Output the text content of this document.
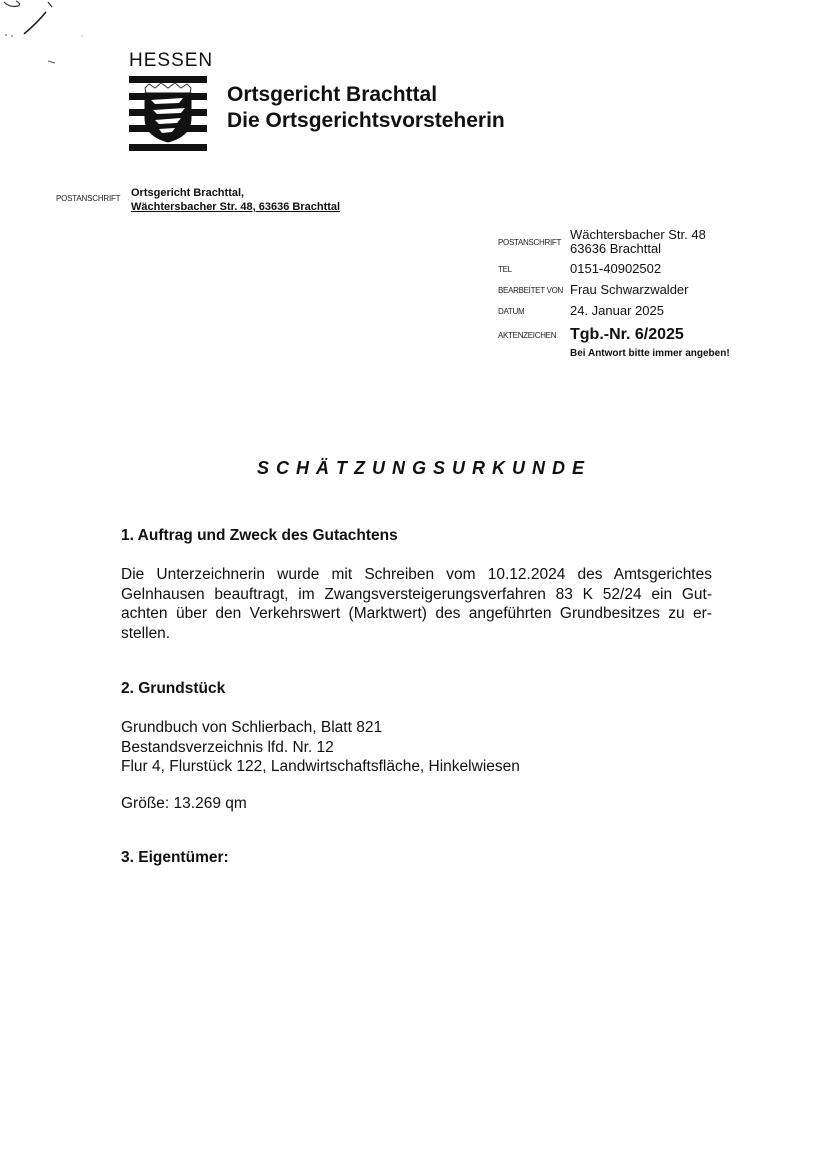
HESSEN
Ortsgericht Brachttal
Die Ortsgerichtsvorsteherin
POSTANSCHRIFT Ortsgericht Brachttal,
Wächtersbacher Str. 48, 63636 Brachttal
POSTANSCHRIFT Wächtersbacher Str. 48
63636 Brachttal
TEL	0151-40902502
BEARBEITET VON Frau Schwarzwalder
DATUM	24. Januar 2025
AKTENZEICHEN Tgb.-Nr. 6/2025
Bei Antwort bitte immer angeben!
SCHÄTZUNGSURKUNDE
1. Auftrag und Zweck des Gutachtens
Die Unterzeichnerin wurde mit Schreiben vom 10.12.2024 des Amtsgerichtes
Gelnhausen beauftragt, im Zwangsversteigerungsverfahren 83 K 52/24 ein Gut-
achten über den Verkehrswert (Marktwert) des angeführten Grundbesitzes zu er-
stellen.
2. Grundstück
Grundbuch von Schlierbach, Blatt 821
Bestandsverzeichnis lfd. Nr. 12
Flur 4, Flurstück 122, Landwirtschaftsfläche, Hinkelwiesen
Größe: 13.269 qm
3. Eigentümer:
